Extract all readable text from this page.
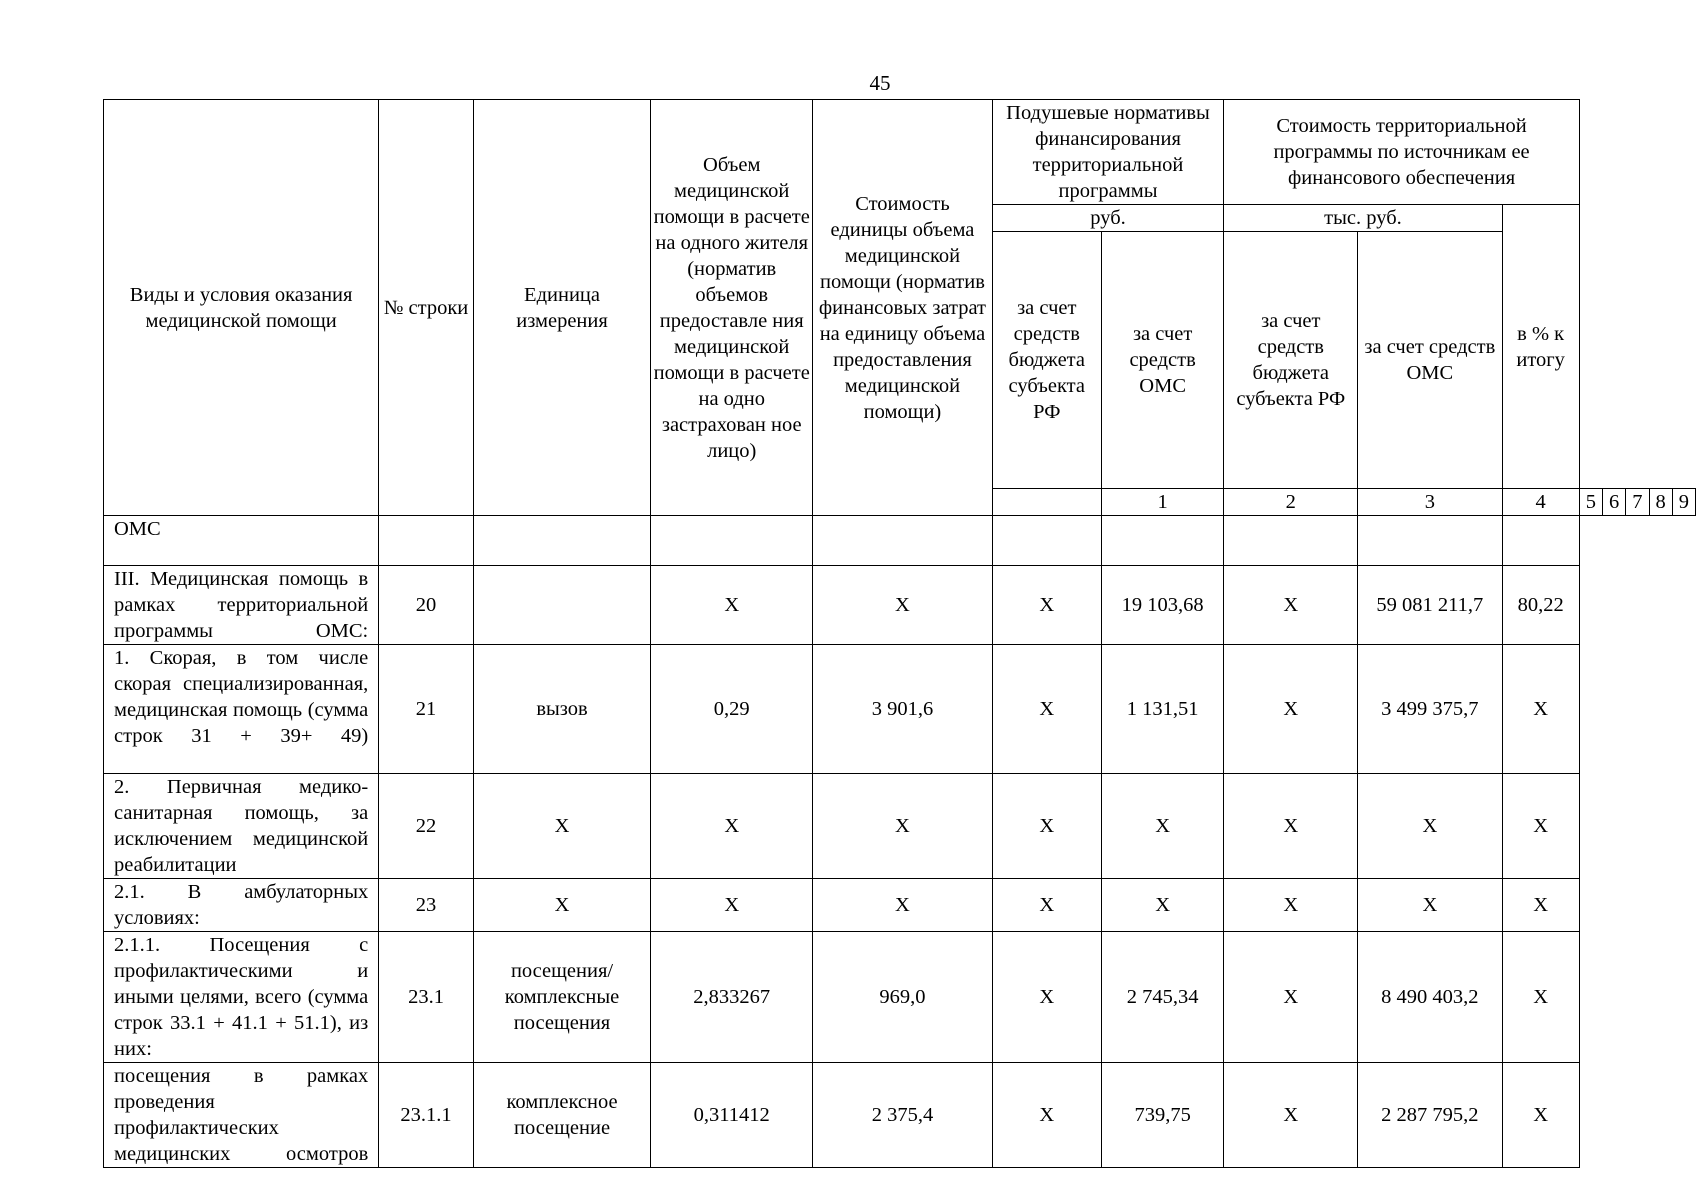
45
Виды и условия оказания медицинской помощи	№ строки	Единица измерения	Объем медицинской помощи в расчете на одного жителя (норматив объемов предоставле ния медицинской помощи в расчете на одно застрахован ное лицо)	Стоимость единицы объема медицинской помощи (норматив финансовых затрат на единицу объема предоставления медицинской помощи)	Подушевые нормативы финансирования территориальной программы		Стоимость территориальной программы по источникам ее финансового обеспечения							
					руб.		тыс. руб.		в % к итогу					
					за счет средств бюджета субъекта РФ	за счет средств ОМС	за счет средств бюджета субъекта РФ	за счет средств ОМС						
						1	2	3	4	5	6	7	8	9
ОМС														
III. Медицинская помощь в рамках территориальной программы ОМС:	20		Х	Х	Х	19 103,68	Х	59 081 211,7	80,22					
1. Скорая, в том числе скорая специализированная, медицинская помощь (сумма строк 31 + 39+ 49)	21	вызов	0,29	3 901,6	Х	1 131,51	Х	3 499 375,7	Х					
2. Первичная медико-санитарная помощь, за исключением медицинской реабилитации	22	Х	Х	Х	Х	Х	Х	Х	Х					
2.1. В амбулаторных условиях:	23	Х	Х	Х	Х	Х	Х	Х	Х					
2.1.1. Посещения с профилактическими и иными целями, всего (сумма строк 33.1 + 41.1 + 51.1), из них:	23.1	посещения/ комплексные посещения	2,833267	969,0	Х	2 745,34	Х	8 490 403,2	Х					
посещения в рамках проведения профилактических медицинских осмотров	23.1.1	комплексное посещение	0,311412	2 375,4	Х	739,75	Х	2 287 795,2	Х					
